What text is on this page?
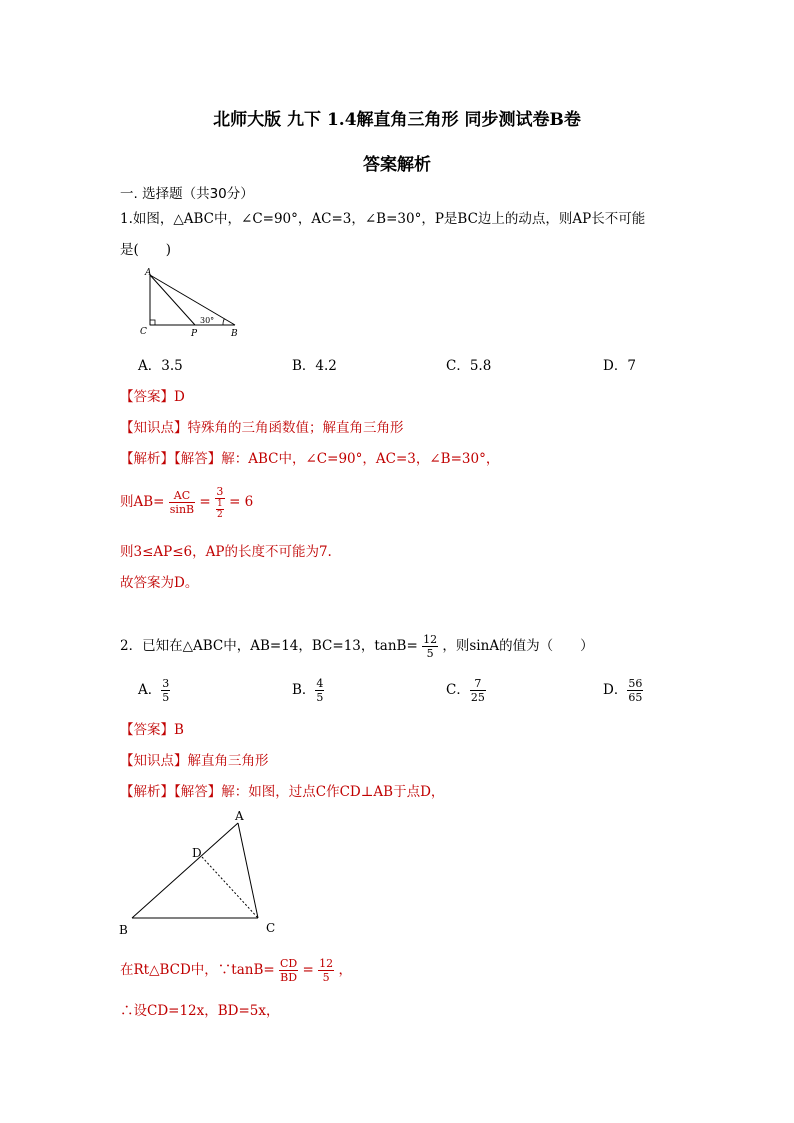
北师大版 九下 1.4解直角三角形 同步测试卷B卷
答案解析
一. 选择题（共30分）
1.如图，△ABC中，∠C=90°，AC=3，∠B=30°，P是BC边上的动点，则AP长不可能
是(　　)
A
C	P	B
30°
A．3.5	B．4.2	C．5.8	D．7
【答案】D
【知识点】特殊角的三角函数值；解直角三角形
【解析】【解答】解：ABC中，∠C=90°，AC=3，∠B=30°，
则$AB= \frac{AC}{\sin B} = \frac{3}{\frac{1}{2}} = 6$
则3≤AP≤6，AP的长度不可能为7.
故答案为D。
2．已知在△ABC中，AB=14，BC=13，$\tan B= \frac{12}{5}$ ，则sinA的值为（　　）
A． $\frac{3}{5}$	B． $\frac{4}{5}$	C． $\frac{7}{25}$	D． $\frac{56}{65}$
【答案】B
【知识点】解直角三角形
【解析】【解答】解：如图，过点C作CD⊥AB于点D，
A
D
B	C
在Rt△BCD中，∵tanB= $\frac{CD}{BD} = \frac{12}{5}$ ，
∴设CD=12x，BD=5x，
